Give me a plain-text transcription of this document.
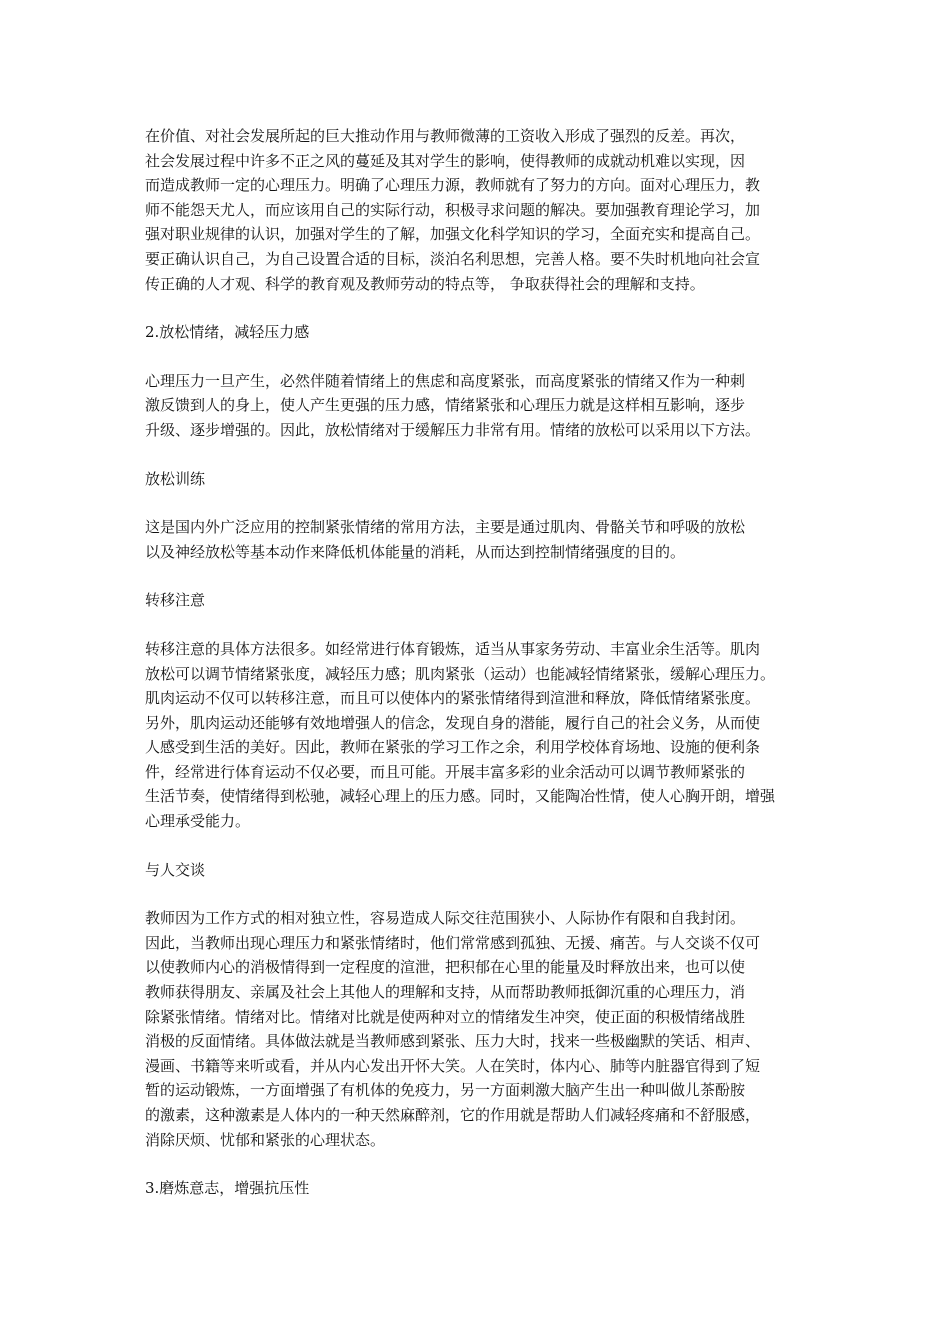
在价值、对社会发展所起的巨大推动作用与教师微薄的工资收入形成了强烈的反差。再次，
社会发展过程中许多不正之风的蔓延及其对学生的影响，使得教师的成就动机难以实现，因
而造成教师一定的心理压力。明确了心理压力源，教师就有了努力的方向。面对心理压力，教
师不能怨天尤人，而应该用自己的实际行动，积极寻求问题的解决。要加强教育理论学习，加
强对职业规律的认识，加强对学生的了解，加强文化科学知识的学习，全面充实和提高自己。
要正确认识自己，为自己设置合适的目标，淡泊名利思想，完善人格。要不失时机地向社会宣
传正确的人才观、科学的教育观及教师劳动的特点等， 争取获得社会的理解和支持。
2.放松情绪，减轻压力感
心理压力一旦产生，必然伴随着情绪上的焦虑和高度紧张，而高度紧张的情绪又作为一种刺
激反馈到人的身上，使人产生更强的压力感，情绪紧张和心理压力就是这样相互影响，逐步
升级、逐步增强的。因此，放松情绪对于缓解压力非常有用。情绪的放松可以采用以下方法。
放松训练
这是国内外广泛应用的控制紧张情绪的常用方法，主要是通过肌肉、骨骼关节和呼吸的放松
以及神经放松等基本动作来降低机体能量的消耗，从而达到控制情绪强度的目的。
转移注意
转移注意的具体方法很多。如经常进行体育锻炼，适当从事家务劳动、丰富业余生活等。肌肉
放松可以调节情绪紧张度，减轻压力感；肌肉紧张（运动）也能减轻情绪紧张，缓解心理压力。
肌肉运动不仅可以转移注意，而且可以使体内的紧张情绪得到渲泄和释放，降低情绪紧张度。
另外，肌肉运动还能够有效地增强人的信念，发现自身的潜能，履行自己的社会义务，从而使
人感受到生活的美好。因此，教师在紧张的学习工作之余，利用学校体育场地、设施的便利条
件，经常进行体育运动不仅必要，而且可能。开展丰富多彩的业余活动可以调节教师紧张的
生活节奏，使情绪得到松驰，减轻心理上的压力感。同时，又能陶冶性情，使人心胸开朗，增强
心理承受能力。
与人交谈
教师因为工作方式的相对独立性，容易造成人际交往范围狭小、人际协作有限和自我封闭。
因此，当教师出现心理压力和紧张情绪时，他们常常感到孤独、无援、痛苦。与人交谈不仅可
以使教师内心的消极情得到一定程度的渲泄，把积郁在心里的能量及时释放出来，也可以使
教师获得朋友、亲属及社会上其他人的理解和支持，从而帮助教师抵御沉重的心理压力，消
除紧张情绪。情绪对比。情绪对比就是使两种对立的情绪发生冲突，使正面的积极情绪战胜
消极的反面情绪。具体做法就是当教师感到紧张、压力大时，找来一些极幽默的笑话、相声、
漫画、书籍等来听或看，并从内心发出开怀大笑。人在笑时，体内心、肺等内脏器官得到了短
暂的运动锻炼，一方面增强了有机体的免疫力，另一方面刺激大脑产生出一种叫做儿茶酚胺
的激素，这种激素是人体内的一种天然麻醉剂，它的作用就是帮助人们减轻疼痛和不舒服感，
消除厌烦、忧郁和紧张的心理状态。
3.磨炼意志，增强抗压性
